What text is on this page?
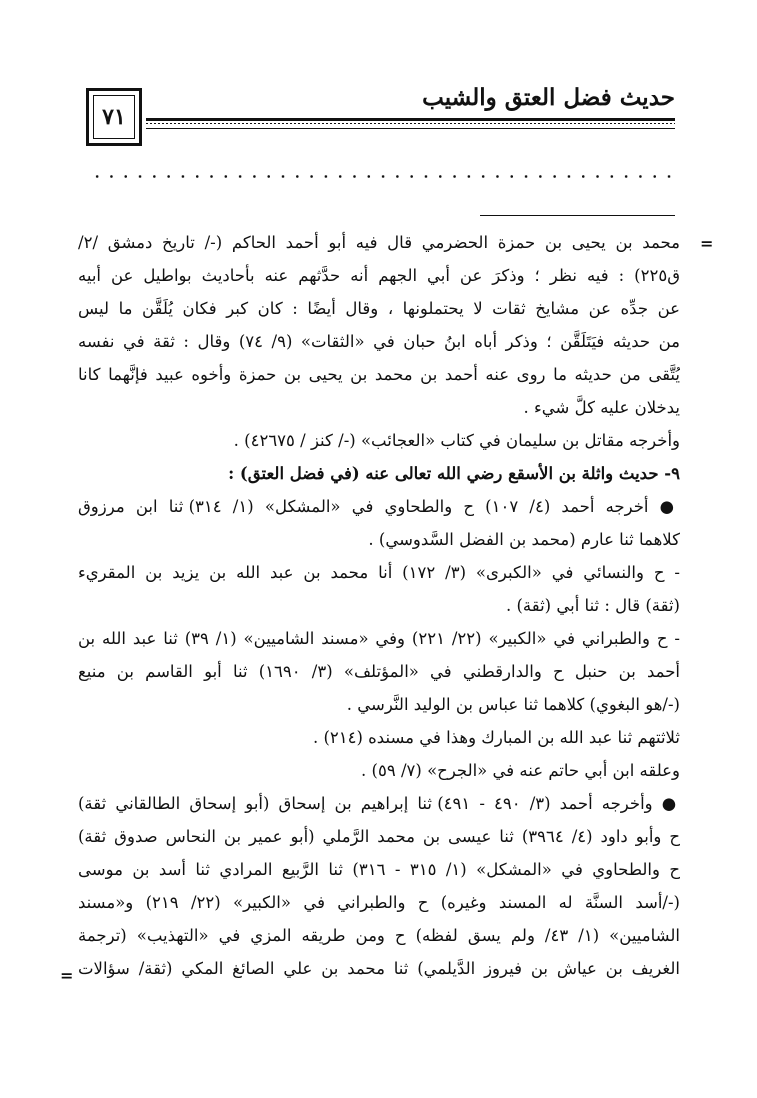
٧١
حديث فضل العتق والشيب
=
=
محمد بن يحيى بن حمزة الحضرمي قال فيه أبو أحمد الحاكم (-/ تاريخ دمشق /٢/
ق٢٢٥) : فيه نظر ؛ وذكرَ عن أبي الجهم أنه حدَّثهم عنه بأحاديث بواطيل عن أبيه
عن جدِّه عن مشايخ ثقات لا يحتملونها ، وقال أيضًا : كان كبر فكان يُلَقَّن ما ليس
من حديثه فيَتَلَقَّن ؛ وذكر أباه ابنُ حبان في «الثقات» (٩/ ٧٤) وقال : ثقة في نفسه
يُتَّقى من حديثه ما روى عنه أحمد بن محمد بن يحيى بن حمزة وأخوه عبيد فإنَّهما كانا
يدخلان عليه كلَّ شيء .
وأخرجه مقاتل بن سليمان في كتاب «العجائب» (-/ كنز / ٤٢٦٧٥) .
٩- حديث واثلة بن الأسقع رضي الله تعالى عنه (في فضل العتق) :
● أخرجه أحمد (٤/ ١٠٧) ح والطحاوي في «المشكل» (١/ ٣١٤) ثنا ابن مرزوق
كلاهما ثنا عارم (محمد بن الفضل السَّدوسي) .
- ح والنسائي في «الكبرى» (٣/ ١٧٢) أنا محمد بن عبد الله بن يزيد بن المقريء
(ثقة) قال : ثنا أبي (ثقة) .
- ح والطبراني في «الكبير» (٢٢/ ٢٢١) وفي «مسند الشاميين» (١/ ٣٩) ثنا عبد الله بن
أحمد بن حنبل ح والدارقطني في «المؤتلف» (٣/ ١٦٩٠) ثنا أبو القاسم بن منيع
(-/هو البغوي) كلاهما ثنا عباس بن الوليد النَّرسي .
ثلاثتهم ثنا عبد الله بن المبارك وهذا في مسنده (٢١٤) .
وعلقه ابن أبي حاتم عنه في «الجرح» (٧/ ٥٩) .
● وأخرجه أحمد (٣/ ٤٩٠ - ٤٩١) ثنا إبراهيم بن إسحاق (أبو إسحاق الطالقاني ثقة)
ح وأبو داود (٤/ ٣٩٦٤) ثنا عيسى بن محمد الرَّملي (أبو عمير بن النحاس صدوق ثقة)
ح والطحاوي في «المشكل» (١/ ٣١٥ - ٣١٦) ثنا الرَّبيع المرادي ثنا أسد بن موسى
(-/أسد السنَّة له المسند وغيره) ح والطبراني في «الكبير» (٢٢/ ٢١٩) و«مسند
الشاميين» (١/ ٤٣/ ولم يسق لفظه) ح ومن طريقه المزي في «التهذيب» (ترجمة
الغريف بن عياش بن فيروز الدَّيلمي) ثنا محمد بن علي الصائغ المكي (ثقة/ سؤالات
